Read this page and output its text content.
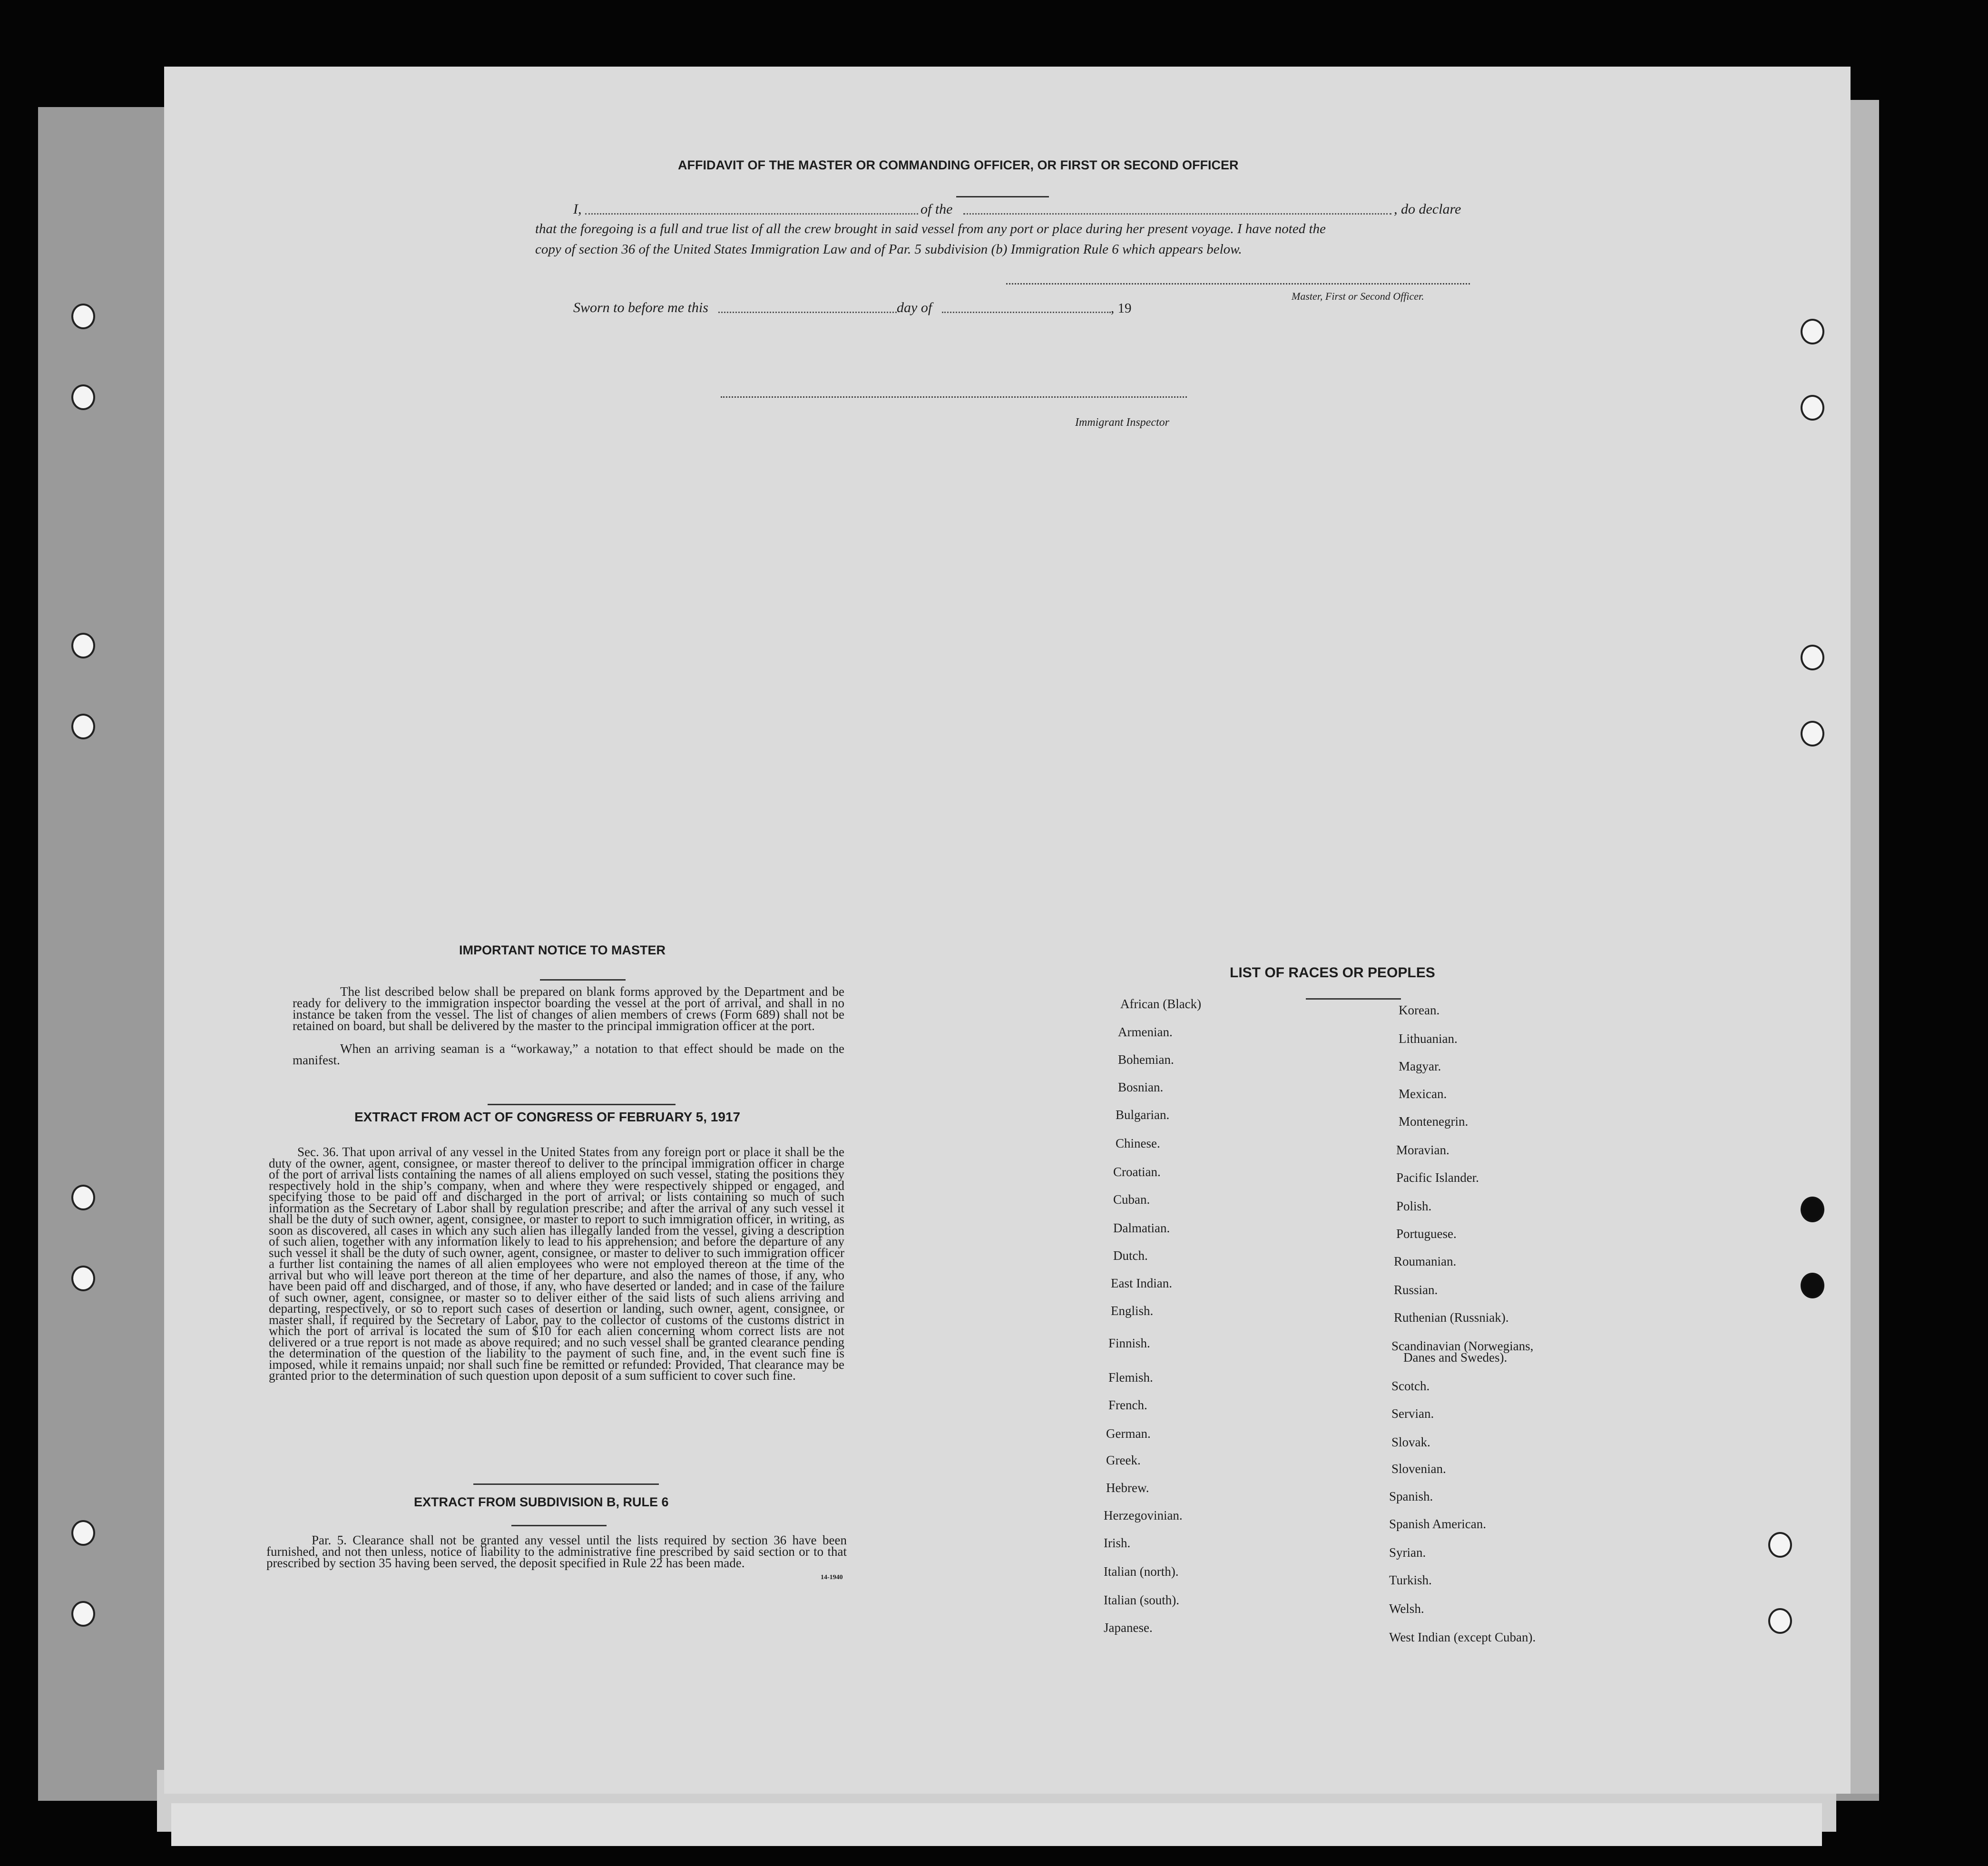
AFFIDAVIT OF THE MASTER OR COMMANDING OFFICER, OR FIRST OR SECOND OFFICER
I,	of the	, do declare
that the foregoing is a full and true list of all the crew brought in said vessel from any port or place during her present voyage. I have noted the
copy of section 36 of the United States Immigration Law and of Par. 5 subdivision (b) Immigration Rule 6 which appears below.
Master, First or Second Officer.
Sworn to before me this	day of	, 19
Immigrant Inspector
IMPORTANT NOTICE TO MASTER
The list described below shall be prepared on blank forms approved by the Department and be ready for delivery to the immigration inspector boarding the vessel at the port of arrival, and shall in no instance be taken from the vessel. The list of changes of alien members of crews (Form 689) shall not be retained on board, but shall be delivered by the master to the principal immigration officer at the port.
When an arriving seaman is a “workaway,” a notation to that effect should be made on the manifest.
EXTRACT FROM ACT OF CONGRESS OF FEBRUARY 5, 1917
Sec. 36. That upon arrival of any vessel in the United States from any foreign port or place it shall be the duty of the owner, agent, consignee, or master thereof to deliver to the principal immigration officer in charge of the port of arrival lists containing the names of all aliens employed on such vessel, stating the positions they respectively hold in the ship’s company, when and where they were respectively shipped or engaged, and specifying those to be paid off and discharged in the port of arrival; or lists containing so much of such information as the Secretary of Labor shall by regulation prescribe; and after the arrival of any such vessel it shall be the duty of such owner, agent, consignee, or master to report to such immigration officer, in writing, as soon as discovered, all cases in which any such alien has illegally landed from the vessel, giving a description of such alien, together with any information likely to lead to his apprehension; and before the departure of any such vessel it shall be the duty of such owner, agent, consignee, or master to deliver to such immigration officer a further list containing the names of all alien employees who were not employed thereon at the time of the arrival but who will leave port thereon at the time of her departure, and also the names of those, if any, who have been paid off and discharged, and of those, if any, who have deserted or landed; and in case of the failure of such owner, agent, consignee, or master so to deliver either of the said lists of such aliens arriving and departing, respectively, or so to report such cases of desertion or landing, such owner, agent, consignee, or master shall, if required by the Secretary of Labor, pay to the collector of customs of the customs district in which the port of arrival is located the sum of $10 for each alien concerning whom correct lists are not delivered or a true report is not made as above required; and no such vessel shall be granted clearance pending the determination of the question of the liability to the payment of such fine, and, in the event such fine is imposed, while it remains unpaid; nor shall such fine be remitted or refunded: Provided, That clearance may be granted prior to the determination of such question upon deposit of a sum sufficient to cover such fine.
EXTRACT FROM SUBDIVISION B, RULE 6
Par. 5. Clearance shall not be granted any vessel until the lists required by section 36 have been furnished, and not then unless, notice of liability to the administrative fine prescribed by said section or to that prescribed by section 35 having been served, the deposit specified in Rule 22 has been made.
14-1940
LIST OF RACES OR PEOPLES
African (Black)
Armenian.
Bohemian.
Bosnian.
Bulgarian.
Chinese.
Croatian.
Cuban.
Dalmatian.
Dutch.
East Indian.
English.
Finnish.
Flemish.
French.
German.
Greek.
Hebrew.
Herzegovinian.
Irish.
Italian (north).
Italian (south).
Japanese.
Korean.
Lithuanian.
Magyar.
Mexican.
Montenegrin.
Moravian.
Pacific Islander.
Polish.
Portuguese.
Roumanian.
Russian.
Ruthenian (Russniak).
Scandinavian (Norwegians,
Danes and Swedes).
Scotch.
Servian.
Slovak.
Slovenian.
Spanish.
Spanish American.
Syrian.
Turkish.
Welsh.
West Indian (except Cuban).
